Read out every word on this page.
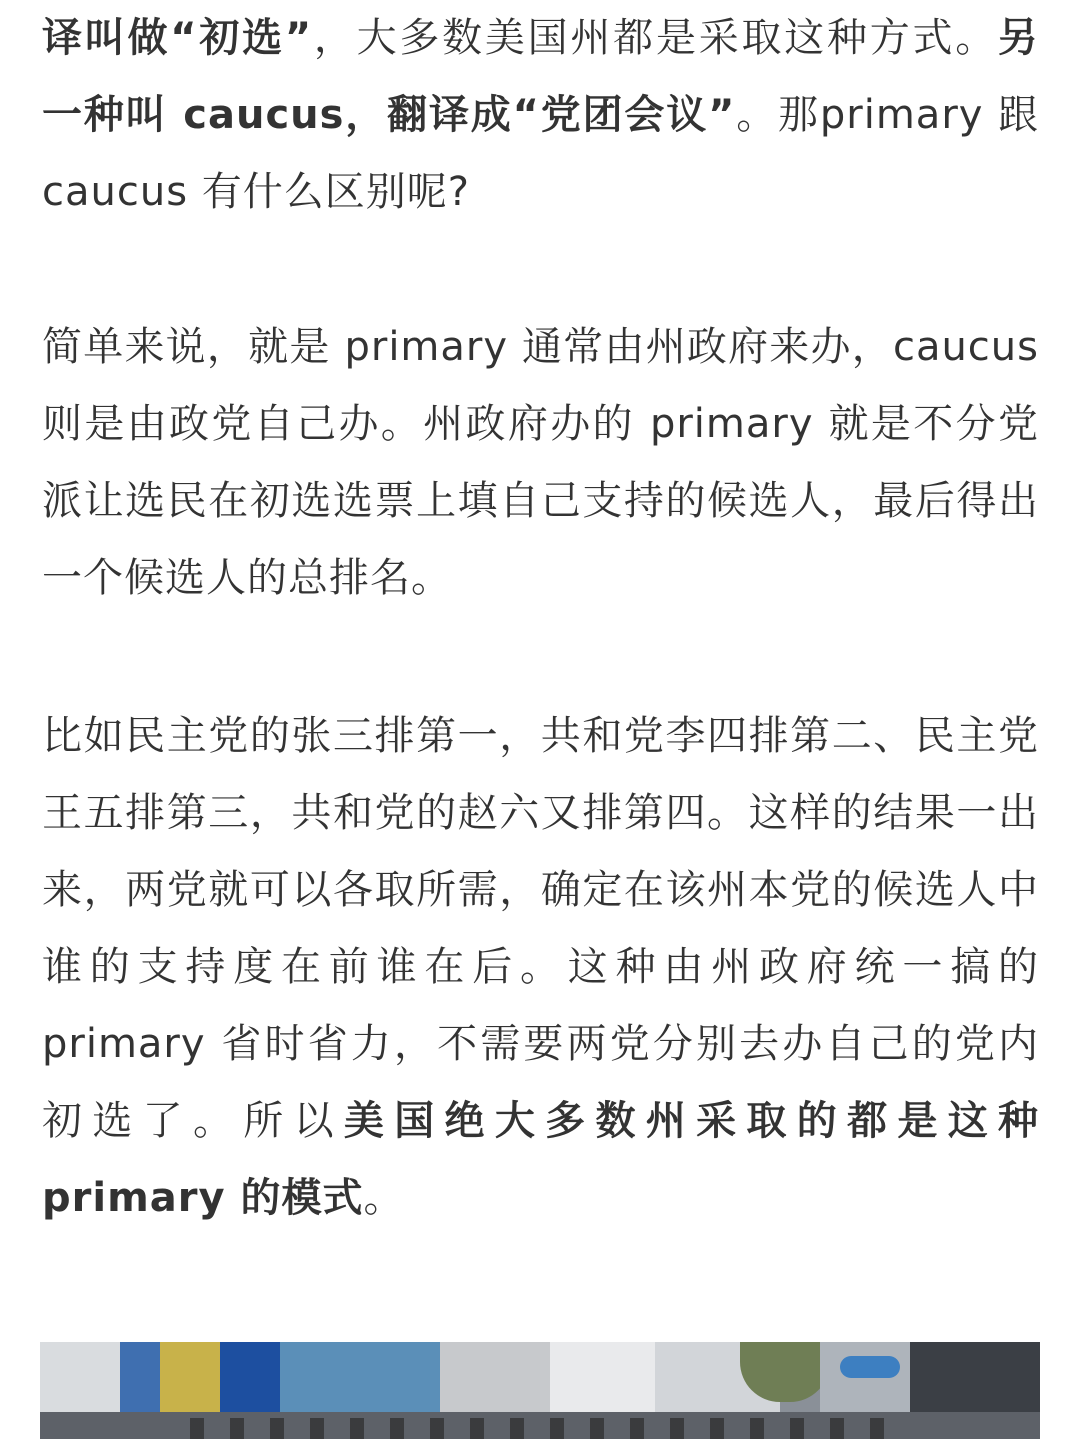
译叫做“初选”，大多数美国州都是采取这种方式。另一种叫 caucus，翻译成“党团会议”。那primary 跟 caucus 有什么区别呢?

简单来说，就是 primary 通常由州政府来办，caucus 则是由政党自己办。州政府办的 primary 就是不分党派让选民在初选选票上填自己支持的候选人，最后得出一个候选人的总排名。

比如民主党的张三排第一，共和党李四排第二、民主党王五排第三，共和党的赵六又排第四。这样的结果一出来，两党就可以各取所需，确定在该州本党的候选人中谁的支持度在前谁在后。这种由州政府统一搞的 primary 省时省力，不需要两党分别去办自己的党内初选了。所以美国绝大多数州采取的都是这种primary 的模式。
